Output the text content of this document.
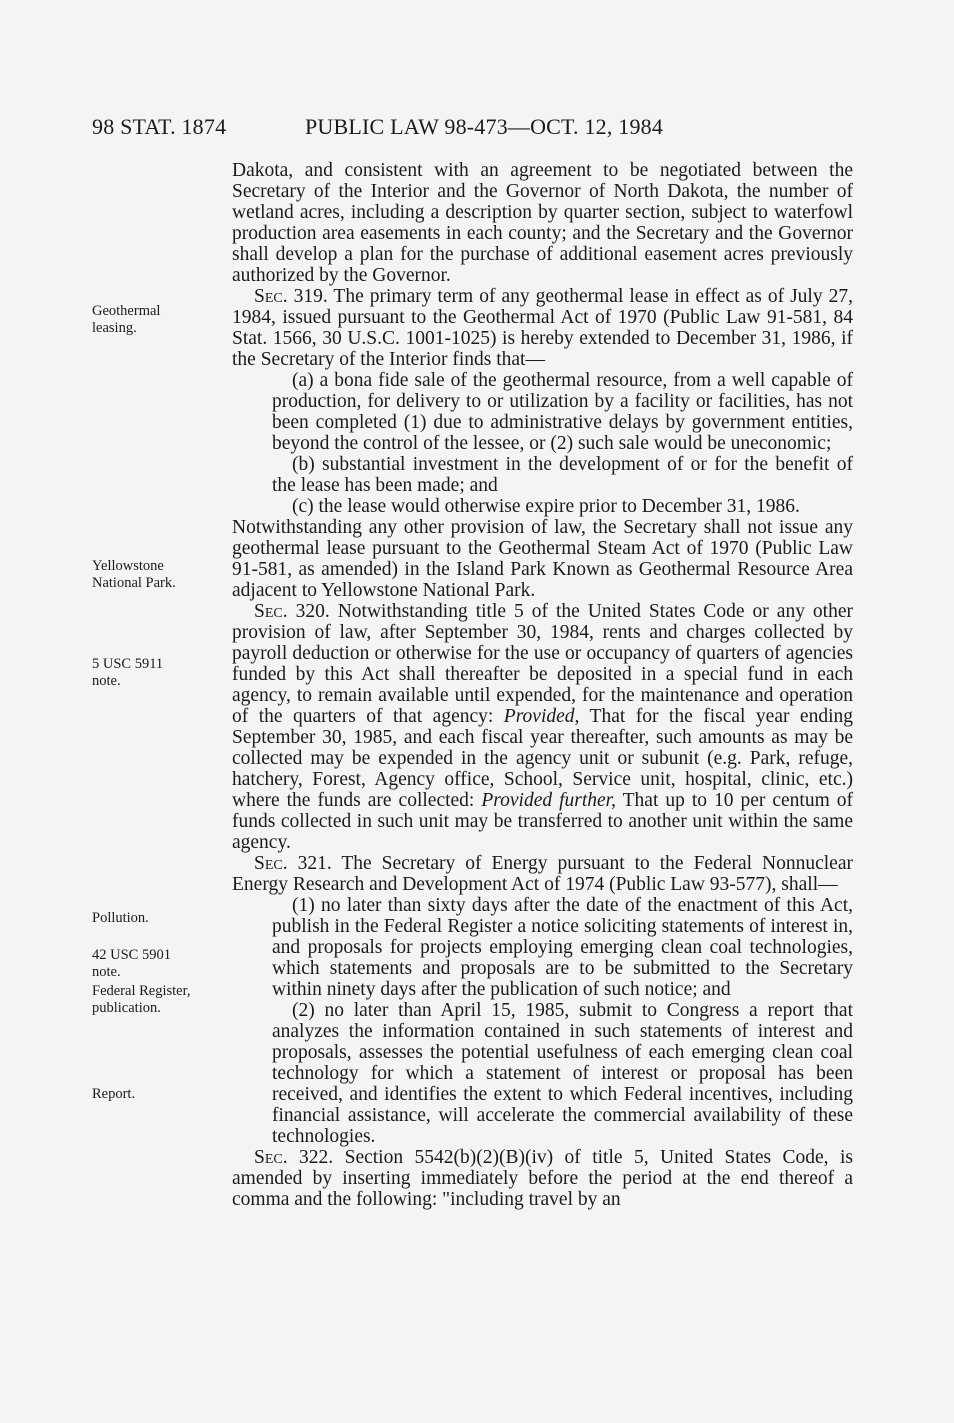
98 STAT. 1874	PUBLIC LAW 98-473—OCT. 12, 1984
Geothermal leasing.
Yellowstone National Park.
5 USC 5911 note.
Pollution.
42 USC 5901 note.
Federal Register, publication.
Report.

Dakota, and consistent with an agreement to be negotiated between the Secretary of the Interior and the Governor of North Dakota, the number of wetland acres, including a description by quarter section, subject to waterfowl production area easements in each county; and the Secretary and the Governor shall develop a plan for the purchase of additional easement acres previously authorized by the Governor.

Sec. 319. The primary term of any geothermal lease in effect as of July 27, 1984, issued pursuant to the Geothermal Act of 1970 (Public Law 91-581, 84 Stat. 1566, 30 U.S.C. 1001-1025) is hereby extended to December 31, 1986, if the Secretary of the Interior finds that—

(a) a bona fide sale of the geothermal resource, from a well capable of production, for delivery to or utilization by a facility or facilities, has not been completed (1) due to administrative delays by government entities, beyond the control of the lessee, or (2) such sale would be uneconomic;

(b) substantial investment in the development of or for the benefit of the lease has been made; and

(c) the lease would otherwise expire prior to December 31, 1986.

Notwithstanding any other provision of law, the Secretary shall not issue any geothermal lease pursuant to the Geothermal Steam Act of 1970 (Public Law 91-581, as amended) in the Island Park Known as Geothermal Resource Area adjacent to Yellowstone National Park.

Sec. 320. Notwithstanding title 5 of the United States Code or any other provision of law, after September 30, 1984, rents and charges collected by payroll deduction or otherwise for the use or occupancy of quarters of agencies funded by this Act shall thereafter be deposited in a special fund in each agency, to remain available until expended, for the maintenance and operation of the quarters of that agency: Provided, That for the fiscal year ending September 30, 1985, and each fiscal year thereafter, such amounts as may be collected may be expended in the agency unit or subunit (e.g. Park, refuge, hatchery, Forest, Agency office, School, Service unit, hospital, clinic, etc.) where the funds are collected: Provided further, That up to 10 per centum of funds collected in such unit may be transferred to another unit within the same agency.

Sec. 321. The Secretary of Energy pursuant to the Federal Nonnuclear Energy Research and Development Act of 1974 (Public Law 93-577), shall—

(1) no later than sixty days after the date of the enactment of this Act, publish in the Federal Register a notice soliciting statements of interest in, and proposals for projects employing emerging clean coal technologies, which statements and proposals are to be submitted to the Secretary within ninety days after the publication of such notice; and

(2) no later than April 15, 1985, submit to Congress a report that analyzes the information contained in such statements of interest and proposals, assesses the potential usefulness of each emerging clean coal technology for which a statement of interest or proposal has been received, and identifies the extent to which Federal incentives, including financial assistance, will accelerate the commercial availability of these technologies.

Sec. 322. Section 5542(b)(2)(B)(iv) of title 5, United States Code, is amended by inserting immediately before the period at the end thereof a comma and the following: "including travel by an
